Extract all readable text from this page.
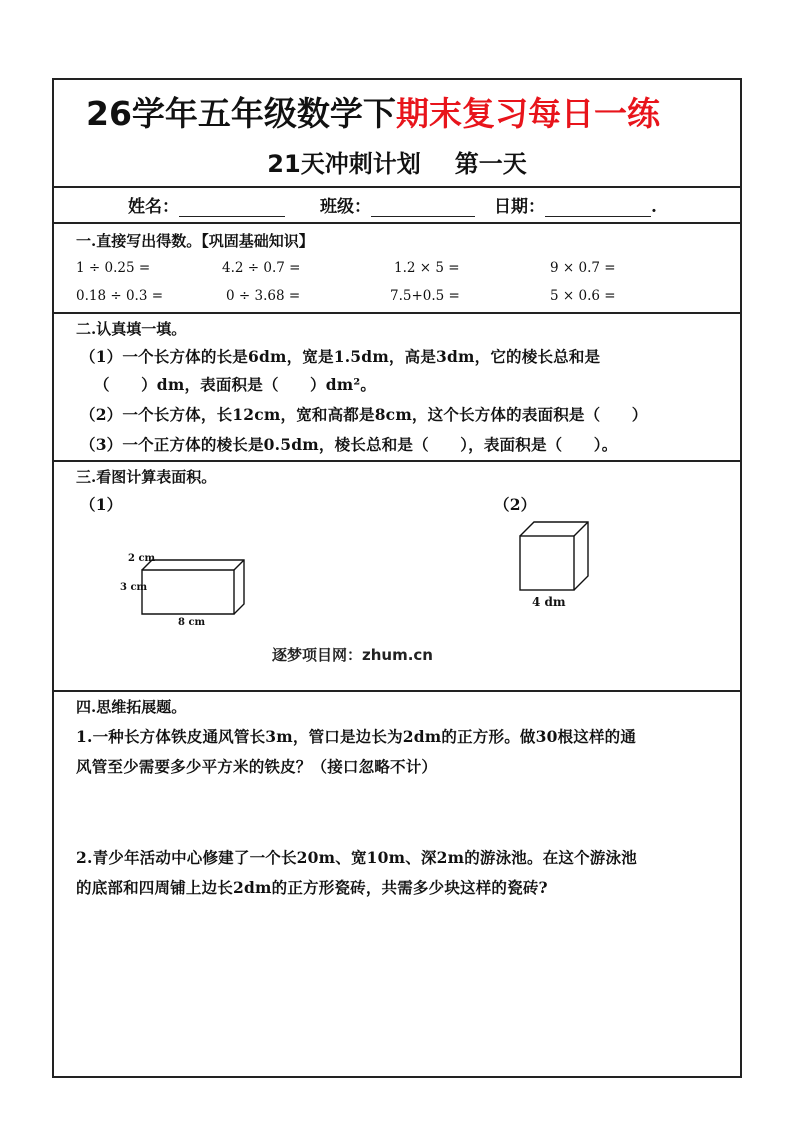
26学年五年级数学下期末复习每日一练
21天冲刺计划 第一天
姓名：	班级：	日期：	.
一.直接写出得数。【巩固基础知识】
1 ÷ 0.25 =	4.2 ÷ 0.7 =	1.2 × 5 =	9 × 0.7 =
0.18 ÷ 0.3 =	0 ÷ 3.68 =	7.5+0.5 =	5 × 0.6 =
二.认真填一填。
（1）一个长方体的长是6dm，宽是1.5dm，高是3dm，它的棱长总和是
（　　）dm，表面积是（　　）dm²。
（2）一个长方体，长12cm，宽和高都是8cm，这个长方体的表面积是（　　）
（3）一个正方体的棱长是0.5dm，棱长总和是（　　），表面积是（　　）。
三.看图计算表面积。
（1）	（2）
2 cm
3 cm
8 cm
4 dm
逐梦项目网：zhum.cn
四.思维拓展题。
1.一种长方体铁皮通风管长3m，管口是边长为2dm的正方形。做30根这样的通
风管至少需要多少平方米的铁皮？（接口忽略不计）
2.青少年活动中心修建了一个长20m、宽10m、深2m的游泳池。在这个游泳池
的底部和四周铺上边长2dm的正方形瓷砖，共需多少块这样的瓷砖?
